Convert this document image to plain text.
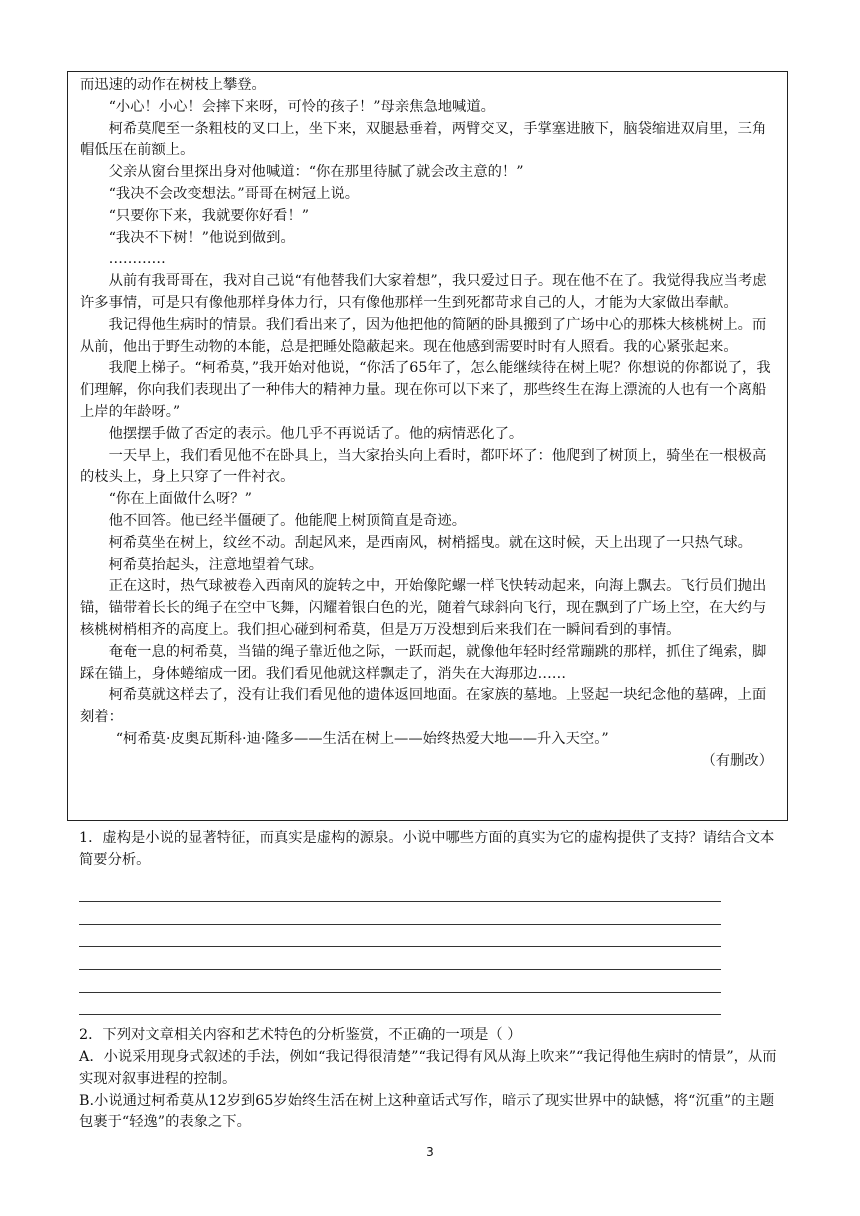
而迅速的动作在树枝上攀登。

“小心！小心！会摔下来呀，可怜的孩子！”母亲焦急地喊道。

柯希莫爬至一条粗枝的叉口上，坐下来，双腿悬垂着，两臂交叉，手掌塞进腋下，脑袋缩进双肩里，三角帽低压在前额上。

父亲从窗台里探出身对他喊道：“你在那里待腻了就会改主意的！”

“我决不会改变想法。”哥哥在树冠上说。

“只要你下来，我就要你好看！”

“我决不下树！”他说到做到。

…………

从前有我哥哥在，我对自己说“有他替我们大家着想”，我只爱过日子。现在他不在了。我觉得我应当考虑许多事情，可是只有像他那样身体力行，只有像他那样一生到死都苛求自己的人，才能为大家做出奉献。

我记得他生病时的情景。我们看出来了，因为他把他的简陋的卧具搬到了广场中心的那株大核桃树上。而从前，他出于野生动物的本能，总是把睡处隐蔽起来。现在他感到需要时时有人照看。我的心紧张起来。

我爬上梯子。“柯希莫，”我开始对他说，“你活了65年了，怎么能继续待在树上呢？你想说的你都说了，我们理解，你向我们表现出了一种伟大的精神力量。现在你可以下来了，那些终生在海上漂流的人也有一个离船上岸的年龄呀。”

他摆摆手做了否定的表示。他几乎不再说话了。他的病情恶化了。

一天早上，我们看见他不在卧具上，当大家抬头向上看时，都吓坏了：他爬到了树顶上，骑坐在一根极高的枝头上，身上只穿了一件衬衣。

“你在上面做什么呀？”

他不回答。他已经半僵硬了。他能爬上树顶简直是奇迹。

柯希莫坐在树上，纹丝不动。刮起风来，是西南风，树梢摇曳。就在这时候，天上出现了一只热气球。

柯希莫抬起头，注意地望着气球。

正在这时，热气球被卷入西南风的旋转之中，开始像陀螺一样飞快转动起来，向海上飘去。飞行员们抛出锚，锚带着长长的绳子在空中飞舞，闪耀着银白色的光，随着气球斜向飞行，现在飘到了广场上空，在大约与核桃树梢相齐的高度上。我们担心碰到柯希莫，但是万万没想到后来我们在一瞬间看到的事情。

奄奄一息的柯希莫，当锚的绳子靠近他之际，一跃而起，就像他年轻时经常蹦跳的那样，抓住了绳索，脚踩在锚上，身体蜷缩成一团。我们看见他就这样飘走了，消失在大海那边……

柯希莫就这样去了，没有让我们看见他的遗体返回地面。在家族的墓地。上竖起一块纪念他的墓碑，上面刻着：

“柯希莫·皮奥瓦斯科·迪·隆多——生活在树上——始终热爱大地——升入天空。”

（有删改）

1．虚构是小说的显著特征，而真实是虚构的源泉。小说中哪些方面的真实为它的虚构提供了支持？请结合文本简要分析。

2．下列对文章相关内容和艺术特色的分析鉴赏，不正确的一项是（ ）

A．小说采用现身式叙述的手法，例如“我记得很清楚”“我记得有风从海上吹来”“我记得他生病时的情景”，从而实现对叙事进程的控制。

B.小说通过柯希莫从12岁到65岁始终生活在树上这种童话式写作，暗示了现实世界中的缺憾，将“沉重”的主题包裹于“轻逸”的表象之下。

3
